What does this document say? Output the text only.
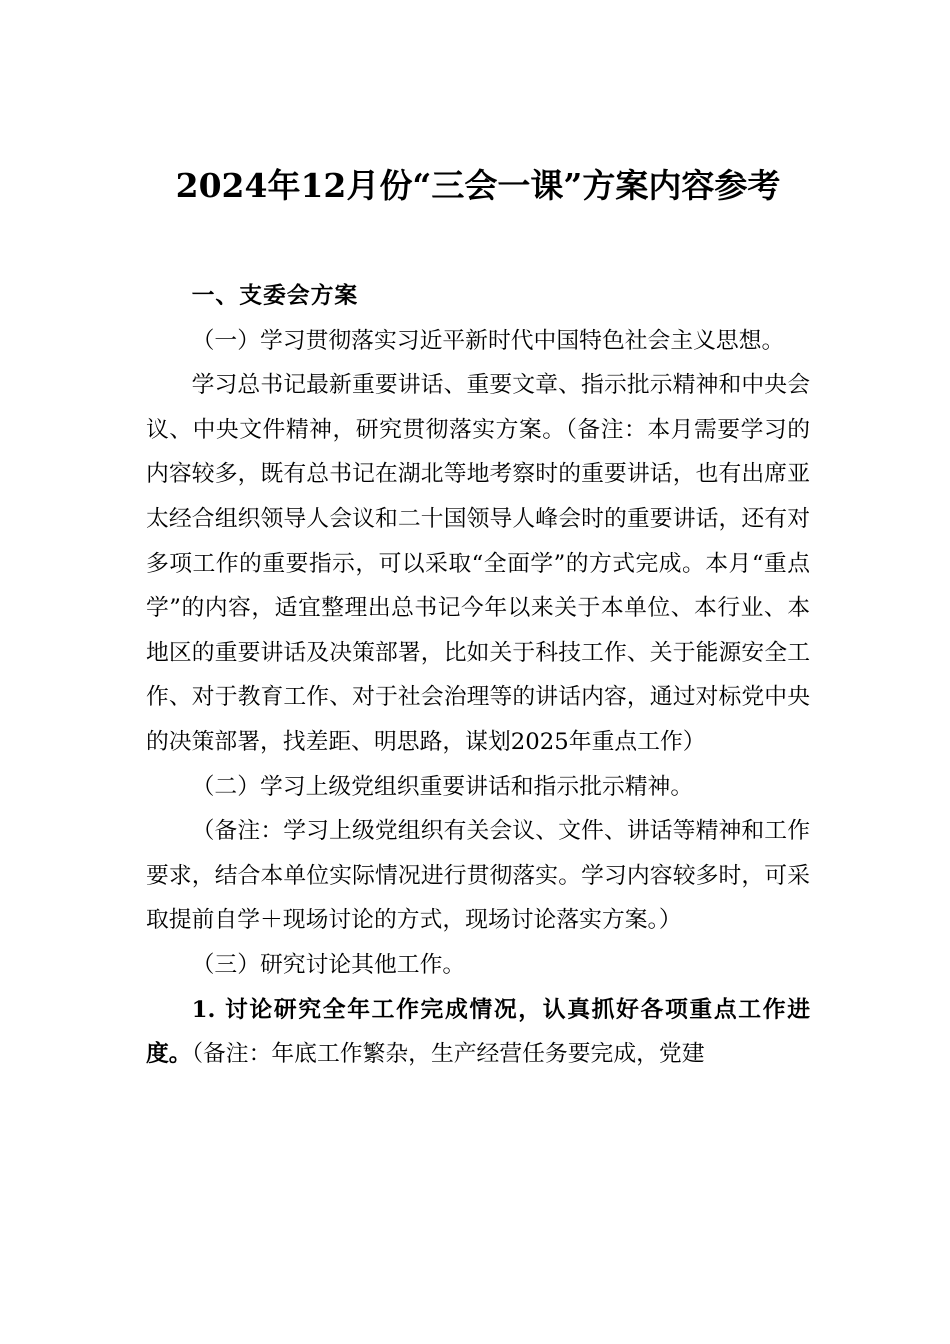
2024年12月份“三会一课”方案内容参考

一、支委会方案

（一）学习贯彻落实习近平新时代中国特色社会主义思想。

学习总书记最新重要讲话、重要文章、指示批示精神和中央会议、中央文件精神，研究贯彻落实方案。（备注：本月需要学习的内容较多，既有总书记在湖北等地考察时的重要讲话，也有出席亚太经合组织领导人会议和二十国领导人峰会时的重要讲话，还有对多项工作的重要指示，可以采取“全面学”的方式完成。本月“重点学”的内容，适宜整理出总书记今年以来关于本单位、本行业、本地区的重要讲话及决策部署，比如关于科技工作、关于能源安全工作、对于教育工作、对于社会治理等的讲话内容，通过对标党中央的决策部署，找差距、明思路，谋划2025年重点工作）

（二）学习上级党组织重要讲话和指示批示精神。

（备注：学习上级党组织有关会议、文件、讲话等精神和工作要求，结合本单位实际情况进行贯彻落实。学习内容较多时，可采取提前自学＋现场讨论的方式，现场讨论落实方案。）

（三）研究讨论其他工作。

1. 讨论研究全年工作完成情况，认真抓好各项重点工作进度。（备注：年底工作繁杂，生产经营任务要完成，党建
